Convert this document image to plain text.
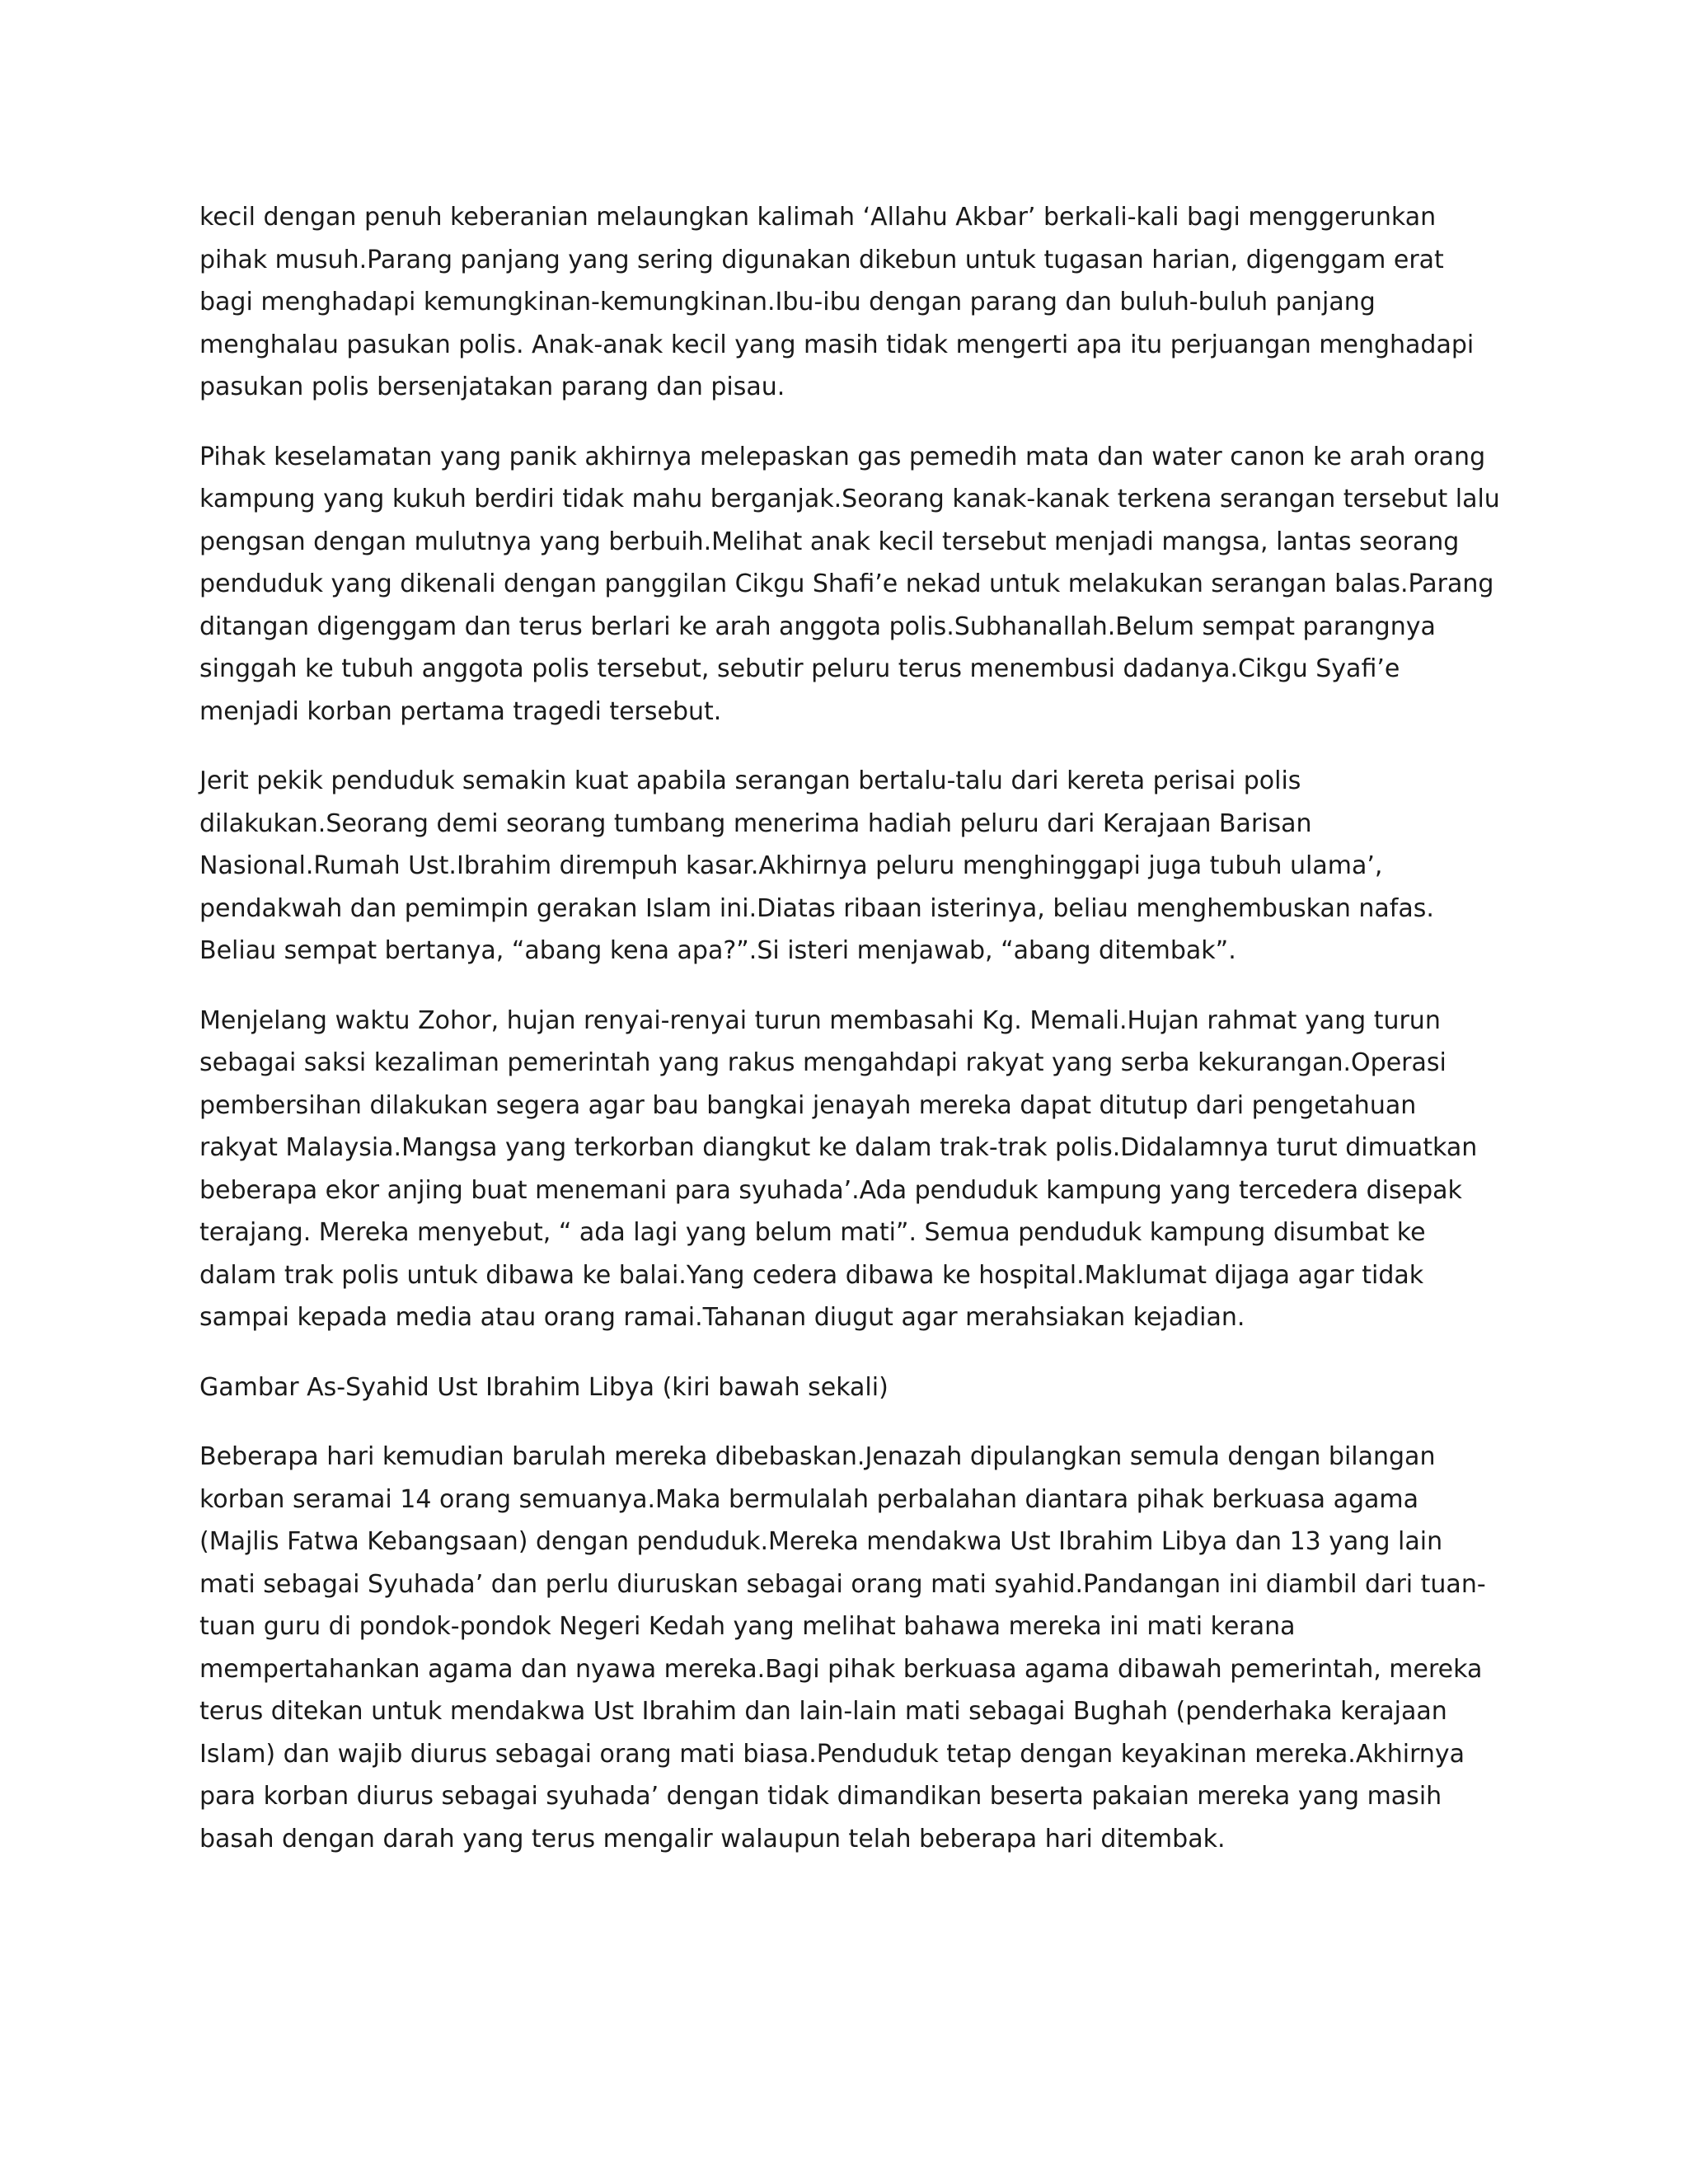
kecil dengan penuh keberanian melaungkan kalimah ‘Allahu Akbar’ berkali-kali bagi menggerunkan pihak musuh.Parang panjang yang sering digunakan dikebun untuk tugasan harian, digenggam erat bagi menghadapi kemungkinan-kemungkinan.Ibu-ibu dengan parang dan buluh-buluh panjang menghalau pasukan polis. Anak-anak kecil yang masih tidak mengerti apa itu perjuangan menghadapi pasukan polis bersenjatakan parang dan pisau.

Pihak keselamatan yang panik akhirnya melepaskan gas pemedih mata dan water canon ke arah orang kampung yang kukuh berdiri tidak mahu berganjak.Seorang kanak-kanak terkena serangan tersebut lalu pengsan dengan mulutnya yang berbuih.Melihat anak kecil tersebut menjadi mangsa, lantas seorang penduduk yang dikenali dengan panggilan Cikgu Shafi’e nekad untuk melakukan serangan balas.Parang ditangan digenggam dan terus berlari ke arah anggota polis.Subhanallah.Belum sempat parangnya singgah ke tubuh anggota polis tersebut, sebutir peluru terus menembusi dadanya.Cikgu Syafi’e menjadi korban pertama tragedi tersebut.

Jerit pekik penduduk semakin kuat apabila serangan bertalu-talu dari kereta perisai polis dilakukan.Seorang demi seorang tumbang menerima hadiah peluru dari Kerajaan Barisan Nasional.Rumah Ust.Ibrahim dirempuh kasar.Akhirnya peluru menghinggapi juga tubuh ulama’, pendakwah dan pemimpin gerakan Islam ini.Diatas ribaan isterinya, beliau menghembuskan nafas. Beliau sempat bertanya, “abang kena apa?”.Si isteri menjawab, “abang ditembak”.

Menjelang waktu Zohor, hujan renyai-renyai turun membasahi Kg. Memali.Hujan rahmat yang turun sebagai saksi kezaliman pemerintah yang rakus mengahdapi rakyat yang serba kekurangan.Operasi pembersihan dilakukan segera agar bau bangkai jenayah mereka dapat ditutup dari pengetahuan rakyat Malaysia.Mangsa yang terkorban diangkut ke dalam trak-trak polis.Didalamnya turut dimuatkan beberapa ekor anjing buat menemani para syuhada’.Ada penduduk kampung yang tercedera disepak terajang. Mereka menyebut, “ ada lagi yang belum mati”. Semua penduduk kampung disumbat ke dalam trak polis untuk dibawa ke balai.Yang cedera dibawa ke hospital.Maklumat dijaga agar tidak sampai kepada media atau orang ramai.Tahanan diugut agar merahsiakan kejadian.

Gambar As-Syahid Ust Ibrahim Libya (kiri bawah sekali)

Beberapa hari kemudian barulah mereka dibebaskan.Jenazah dipulangkan semula dengan bilangan korban seramai 14 orang semuanya.Maka bermulalah perbalahan diantara pihak berkuasa agama (Majlis Fatwa Kebangsaan) dengan penduduk.Mereka mendakwa Ust Ibrahim Libya dan 13 yang lain mati sebagai Syuhada’ dan perlu diuruskan sebagai orang mati syahid.Pandangan ini diambil dari tuan-tuan guru di pondok-pondok Negeri Kedah yang melihat bahawa mereka ini mati kerana mempertahankan agama dan nyawa mereka.Bagi pihak berkuasa agama dibawah pemerintah, mereka terus ditekan untuk mendakwa Ust Ibrahim dan lain-lain mati sebagai Bughah (penderhaka kerajaan Islam) dan wajib diurus sebagai orang mati biasa.Penduduk tetap dengan keyakinan mereka.Akhirnya para korban diurus sebagai syuhada’ dengan tidak dimandikan beserta pakaian mereka yang masih basah dengan darah yang terus mengalir walaupun telah beberapa hari ditembak.
